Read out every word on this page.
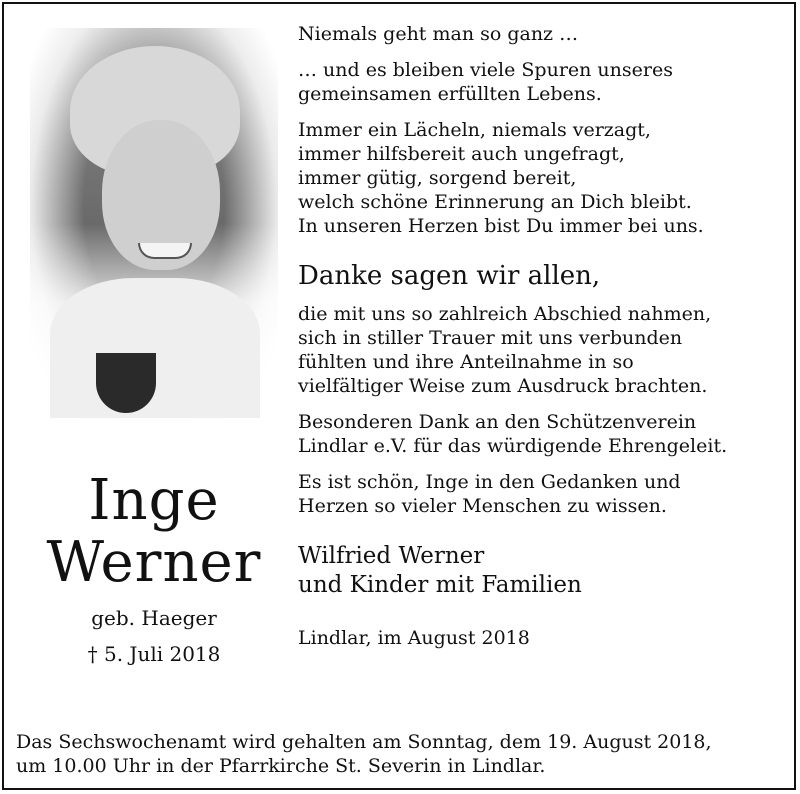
Inge
Werner
geb. Haeger
† 5. Juli 2018
Niemals geht man so ganz …
… und es bleiben viele Spuren unseres
gemeinsamen erfüllten Lebens.
Immer ein Lächeln, niemals verzagt,
immer hilfsbereit auch ungefragt,
immer gütig, sorgend bereit,
welch schöne Erinnerung an Dich bleibt.
In unseren Herzen bist Du immer bei uns.
Danke sagen wir allen,
die mit uns so zahlreich Abschied nahmen,
sich in stiller Trauer mit uns verbunden
fühlten und ihre Anteilnahme in so
vielfältiger Weise zum Ausdruck brachten.
Besonderen Dank an den Schützenverein
Lindlar e.V. für das würdigende Ehrengeleit.
Es ist schön, Inge in den Gedanken und
Herzen so vieler Menschen zu wissen.
Wilfried Werner
und Kinder mit Familien
Lindlar, im August 2018
Das Sechswochenamt wird gehalten am Sonntag, dem 19. August 2018,
um 10.00 Uhr in der Pfarrkirche St. Severin in Lindlar.
